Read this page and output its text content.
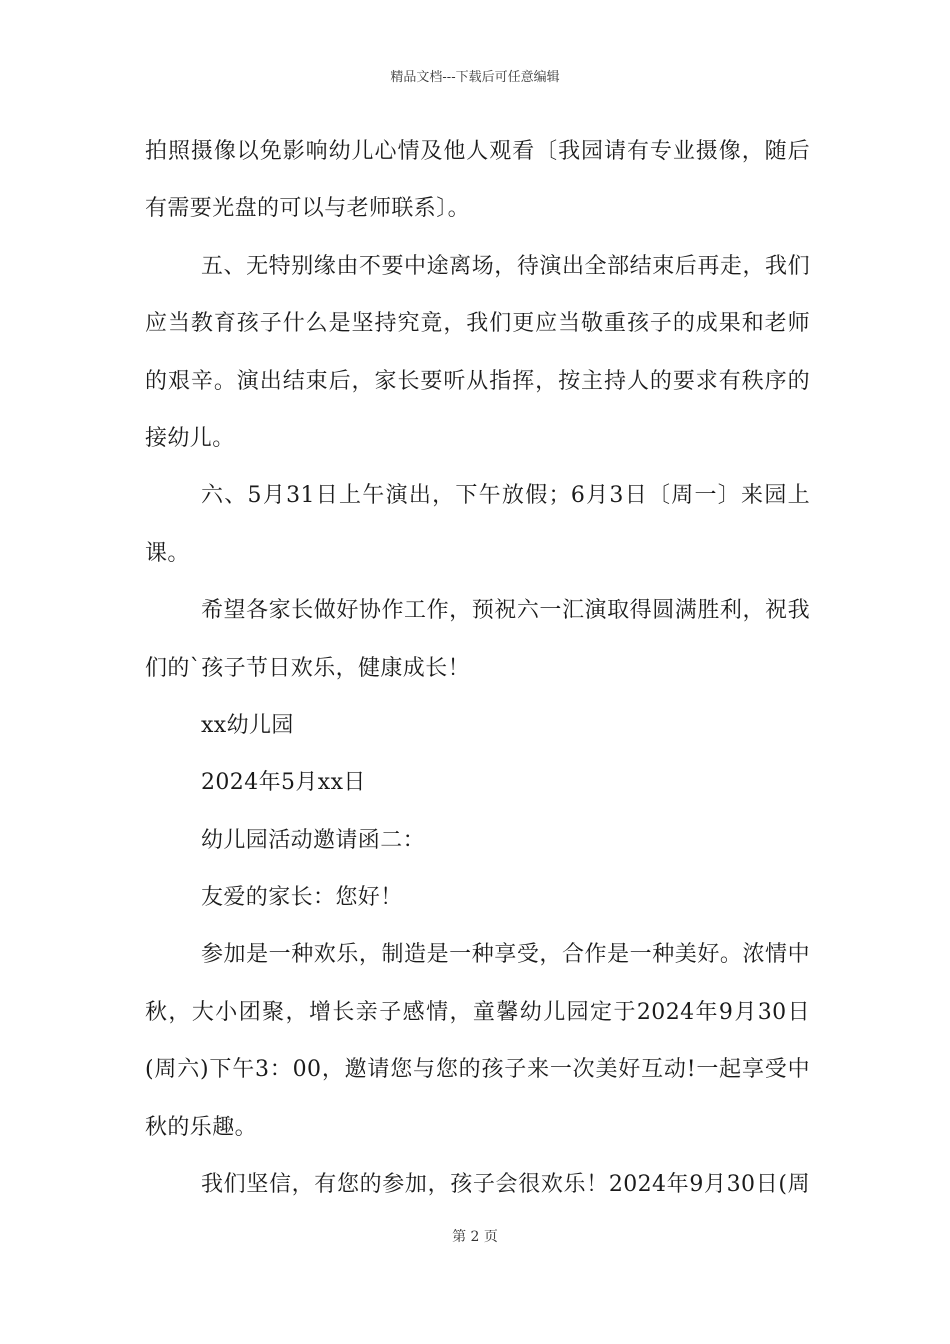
精品文档---下载后可任意编辑
拍照摄像以免影响幼儿心情及他人观看〔我园请有专业摄像，随后
有需要光盘的可以与老师联系〕。
五、无特别缘由不要中途离场，待演出全部结束后再走，我们
应当教育孩子什么是坚持究竟，我们更应当敬重孩子的成果和老师
的艰辛。演出结束后，家长要听从指挥，按主持人的要求有秩序的
接幼儿。
六、5月31日上午演出，下午放假；6月3日〔周一〕来园上
课。
希望各家长做好协作工作，预祝六一汇演取得圆满胜利，祝我
们的`孩子节日欢乐，健康成长！
xx幼儿园
2024年5月xx日
幼儿园活动邀请函二：
友爱的家长：您好！
参加是一种欢乐，制造是一种享受，合作是一种美好。浓情中
秋，大小团聚，增长亲子感情，童馨幼儿园定于2024年9月30日
(周六)下午3：00，邀请您与您的孩子来一次美好互动!一起享受中
秋的乐趣。
我们坚信，有您的参加，孩子会很欢乐！2024年9月30日(周
第 2 页
